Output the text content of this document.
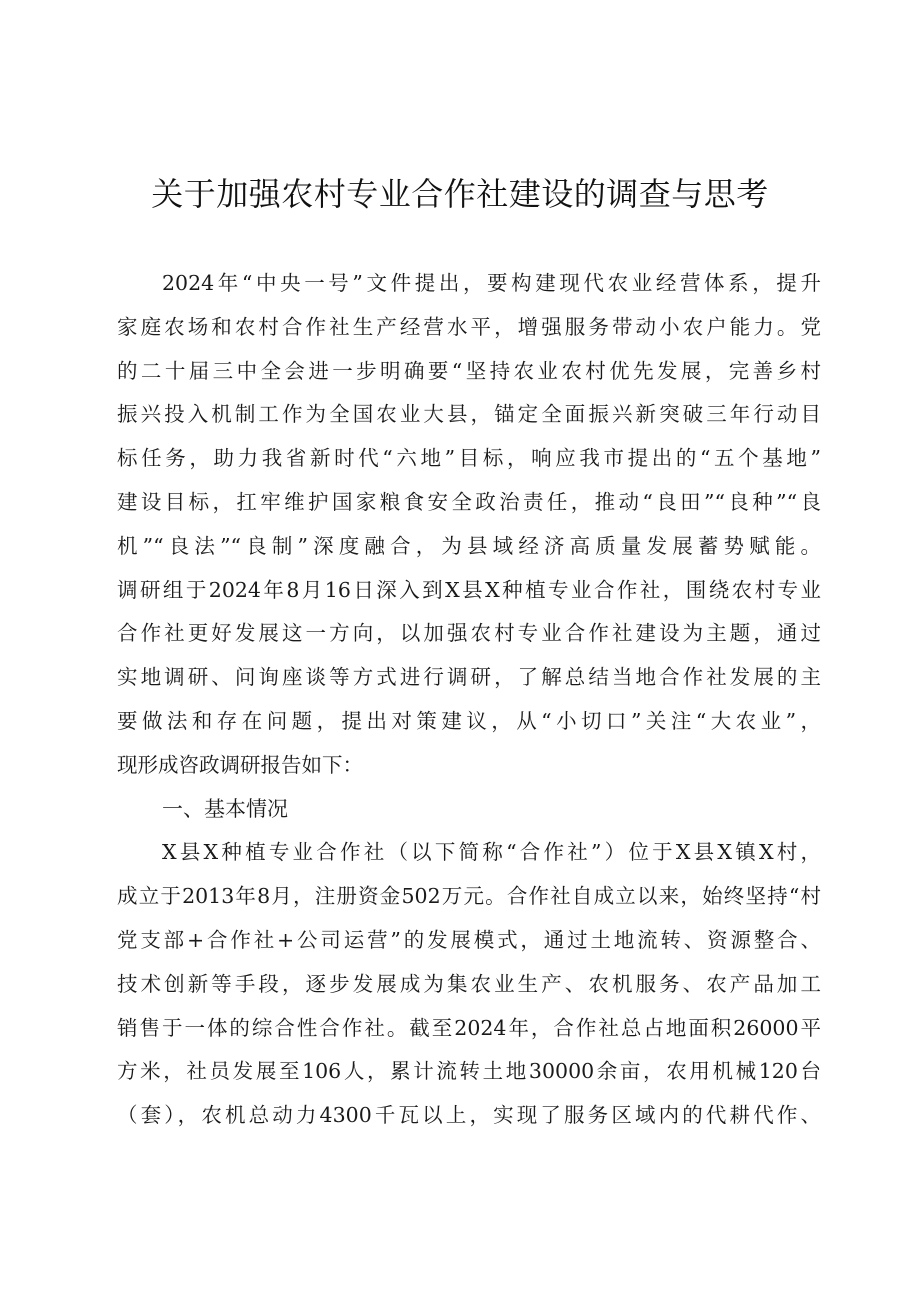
关于加强农村专业合作社建设的调查与思考
2024年“中央一号”文件提出，要构建现代农业经营体系，提升
家庭农场和农村合作社生产经营水平，增强服务带动小农户能力。党
的二十届三中全会进一步明确要“坚持农业农村优先发展，完善乡村
振兴投入机制工作为全国农业大县，锚定全面振兴新突破三年行动目
标任务，助力我省新时代“六地”目标，响应我市提出的“五个基地”
建设目标，扛牢维护国家粮食安全政治责任，推动“良田”“良种”“良
机”“良法”“良制”深度融合，为县域经济高质量发展蓄势赋能。
调研组于2024年8月16日深入到X县X种植专业合作社，围绕农村专业
合作社更好发展这一方向，以加强农村专业合作社建设为主题，通过
实地调研、问询座谈等方式进行调研，了解总结当地合作社发展的主
要做法和存在问题，提出对策建议，从“小切口”关注“大农业”，
现形成咨政调研报告如下：
一、基本情况
X县X种植专业合作社（以下简称“合作社”）位于X县X镇X村，
成立于2013年8月，注册资金502万元。合作社自成立以来，始终坚持“村
党支部+合作社+公司运营”的发展模式，通过土地流转、资源整合、
技术创新等手段，逐步发展成为集农业生产、农机服务、农产品加工
销售于一体的综合性合作社。截至2024年，合作社总占地面积26000平
方米，社员发展至106人，累计流转土地30000余亩，农用机械120台
（套），农机总动力4300千瓦以上，实现了服务区域内的代耕代作、
